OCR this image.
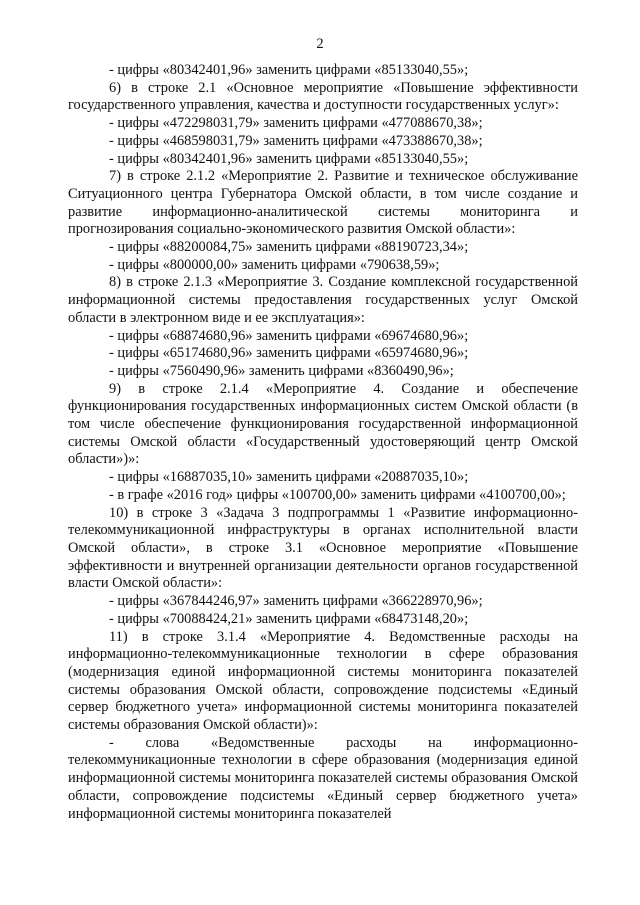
2

- цифры «80342401,96» заменить цифрами «85133040,55»;

6) в строке 2.1 «Основное мероприятие «Повышение эффективности государственного управления, качества и доступности государственных услуг»:

- цифры «472298031,79» заменить цифрами «477088670,38»;

- цифры «468598031,79» заменить цифрами «473388670,38»;

- цифры «80342401,96» заменить цифрами «85133040,55»;

7) в строке 2.1.2 «Мероприятие 2. Развитие и техническое обслуживание Ситуационного центра Губернатора Омской области, в том числе создание и развитие информационно-аналитической системы мониторинга и прогнозирования социально-экономического развития Омской области»:

- цифры «88200084,75» заменить цифрами «88190723,34»;

- цифры «800000,00» заменить цифрами «790638,59»;

8) в строке 2.1.3 «Мероприятие 3. Создание комплексной государственной информационной системы предоставления государственных услуг Омской области в электронном виде и ее эксплуатация»:

- цифры «68874680,96» заменить цифрами «69674680,96»;

- цифры «65174680,96» заменить цифрами «65974680,96»;

- цифры «7560490,96» заменить цифрами «8360490,96»;

9) в строке 2.1.4 «Мероприятие 4. Создание и обеспечение функционирования государственных информационных систем Омской области (в том числе обеспечение функционирования государственной информационной системы Омской области «Государственный удостоверяющий центр Омской области»)»:

- цифры «16887035,10» заменить цифрами «20887035,10»;

- в графе «2016 год» цифры «100700,00» заменить цифрами «4100700,00»;

10) в строке 3 «Задача 3 подпрограммы 1 «Развитие информационно-телекоммуникационной инфраструктуры в органах исполнительной власти Омской области», в строке 3.1 «Основное мероприятие «Повышение эффективности и внутренней организации деятельности органов государственной власти Омской области»:

- цифры «367844246,97» заменить цифрами «366228970,96»;

- цифры «70088424,21» заменить цифрами «68473148,20»;

11) в строке 3.1.4 «Мероприятие 4. Ведомственные расходы на информационно-телекоммуникационные технологии в сфере образования (модернизация единой информационной системы мониторинга показателей системы образования Омской области, сопровождение подсистемы «Единый сервер бюджетного учета» информационной системы мониторинга показателей системы образования Омской области)»:

- слова «Ведомственные расходы на информационно-телекоммуникационные технологии в сфере образования (модернизация единой информационной системы мониторинга показателей системы образования Омской области, сопровождение подсистемы «Единый сервер бюджетного учета» информационной системы мониторинга показателей
